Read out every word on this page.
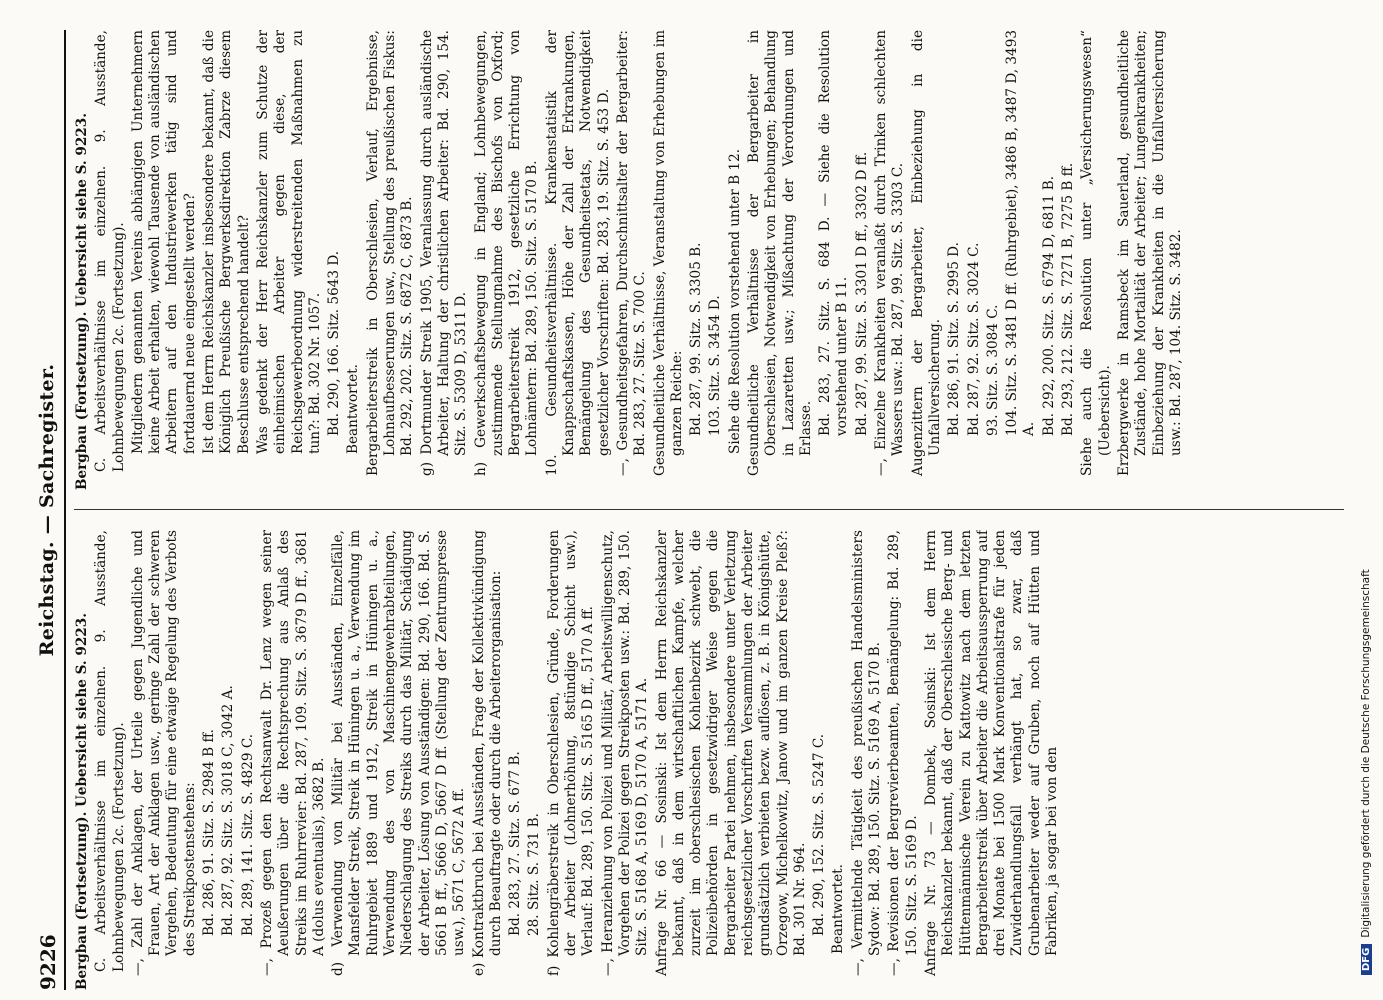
9226
Reichstag. — Sachregister.

Bergbau (Fortsetzung). Uebersicht siehe S. 9223. C. Arbeitsverhältnisse im einzelnen. 9. Ausstände, Lohnbewegungen 2c. (Fortsetzung). —, Zahl der Anklagen, der Urteile gegen Jugendliche und Frauen, Art der Anklagen usw., geringe Zahl der schweren Vergehen, Bedeutung für eine etwaige Regelung des Verbots des Streikpostenstehens: Bd. 286, 91. Sitz. S. 2984 B ff. Bd. 287, 92. Sitz. S. 3018 C, 3042 A. Bd. 289, 141. Sitz. S. 4829 C. —, Prozeß gegen den Rechtsanwalt Dr. Lenz wegen seiner Aeußerungen über die Rechtsprechung aus Anlaß des Streiks im Ruhrrevier: Bd. 287, 109. Sitz. S. 3679 D ff., 3681 A (dolus eventualis), 3682 B. d) Verwendung von Militär bei Ausständen, Einzelfälle, Mansfelder Streik, Streik in Hüningen u. a., Verwendung im Ruhrgebiet 1889 und 1912, Streik in Hüningen u. a., Verwendung des von Maschinengewehrabteilungen, Niederschlagung des Streiks durch das Militär, Schädigung der Arbeiter, Lösung von Ausständigen: Bd. 290, 166. Bd. S. 5661 B ff., 5666 D, 5667 D ff. (Stellung der Zentrumspresse usw.), 5671 C, 5672 A ff. e) Kontraktbruch bei Ausständen, Frage der Kollektivkündigung durch Beauftragte oder durch die Arbeiterorganisation: Bd. 283, 27. Sitz. S. 677 B. 28. Sitz. S. 731 B. f) Kohlengräberstreik in Oberschlesien, Gründe, Forderungen der Arbeiter (Lohnerhöhung, 8stündige Schicht usw.), Verlauf: Bd. 289, 150. Sitz. S. 5165 D ff., 5170 A ff. —, Heranziehung von Polizei und Militär, Arbeitswilligenschutz, Vorgehen der Polizei gegen Streikposten usw.: Bd. 289, 150. Sitz. S. 5168 A, 5169 D, 5170 A, 5171 A. Anfrage Nr. 66 — Sosinski: Ist dem Herrn Reichskanzler bekannt, daß in dem wirtschaftlichen Kampfe, welcher zurzeit im oberschlesischen Kohlenbezirk schwebt, die Polizeibehörden in gesetzwidriger Weise gegen die Bergarbeiter Partei nehmen, insbesondere unter Verletzung reichsgesetzlicher Vorschriften Versammlungen der Arbeiter grundsätzlich verbieten bezw. auflösen, z. B. in Königshütte, Orzegow, Michelkowitz, Janow und im ganzen Kreise Pleß?: Bd. 301 Nr. 964. Bd. 290, 152. Sitz. S. 5247 C. Beantwortet. —, Vermittelnde Tätigkeit des preußischen Handelsministers Sydow: Bd. 289, 150. Sitz. S. 5169 A, 5170 B. —, Revisionen der Bergrevierbeamten, Bemängelung: Bd. 289, 150. Sitz. S. 5169 D. Anfrage Nr. 73 — Dombek, Sosinski: Ist dem Herrn Reichskanzler bekannt, daß der Oberschlesische Berg- und Hüttenmännische Verein zu Kattowitz nach dem letzten Bergarbeiterstreik über Arbeiter die Arbeitsaussperrung auf drei Monate bei 1500 Mark Konventionalstrafe für jeden Zuwiderhandlungsfall verhängt hat, so zwar, daß Grubenarbeiter weder auf Gruben, noch auf Hütten und Fabriken, ja sogar bei von den

Bergbau (Fortsetzung). Uebersicht siehe S. 9223. C. Arbeitsverhältnisse im einzelnen. 9. Ausstände, Lohnbewegungen 2c. (Fortsetzung). Mitgliedern genannten Vereins abhängigen Unternehmern keine Arbeit erhalten, wiewohl Tausende von ausländischen Arbeitern auf den Industriewerken tätig sind und fortdauernd neue eingestellt werden? Ist dem Herrn Reichskanzler insbesondere bekannt, daß die Königlich Preußische Bergwerksdirektion Zabrze diesem Beschlusse entsprechend handelt? Was gedenkt der Herr Reichskanzler zum Schutze der einheimischen Arbeiter gegen diese, der Reichsgewerbeordnung widerstreitenden Maßnahmen zu tun?: Bd. 302 Nr. 1057. Bd. 290, 166. Sitz. 5643 D. Beantwortet. Bergarbeiterstreik in Oberschlesien, Verlauf, Ergebnisse, Lohnaufbesserungen usw., Stellung des preußischen Fiskus: Bd. 292, 202. Sitz. S. 6872 C, 6873 B. g) Dortmunder Streik 1905, Veranlassung durch ausländische Arbeiter, Haltung der christlichen Arbeiter: Bd. 290, 154. Sitz. S. 5309 D, 5311 D. h) Gewerkschaftsbewegung in England; Lohnbewegungen, zustimmende Stellungnahme des Bischofs von Oxford; Bergarbeiterstreik 1912, gesetzliche Errichtung von Lohnämtern: Bd. 289, 150. Sitz. S. 5170 B. 10. Gesundheitsverhältnisse. Krankenstatistik der Knappschaftskassen, Höhe der Zahl der Erkrankungen, Bemängelung des Gesundheitsetats, Notwendigkeit gesetzlicher Vorschriften: Bd. 283, 19. Sitz. S. 453 D. —, Gesundheitsgefahren, Durchschnittsalter der Bergarbeiter: Bd. 283, 27. Sitz. S. 700 C. Gesundheitliche Verhältnisse, Veranstaltung von Erhebungen im ganzen Reiche: Bd. 287, 99. Sitz. S. 3305 B. 103. Sitz. S. 3454 D. Siehe die Resolution vorstehend unter B 12. Gesundheitliche Verhältnisse der Bergarbeiter in Oberschlesien, Notwendigkeit von Erhebungen; Behandlung in Lazaretten usw.; Mißachtung der Verordnungen und Erlasse. Bd. 283, 27. Sitz. S. 684 D. — Siehe die Resolution vorstehend unter B 11. Bd. 287, 99. Sitz. S. 3301 D ff., 3302 D ff. —, Einzelne Krankheiten veranlaßt durch Trinken schlechten Wassers usw.: Bd. 287, 99. Sitz. S. 3303 C. Augenzittern der Bergarbeiter, Einbeziehung in die Unfallversicherung. Bd. 286, 91. Sitz. S. 2995 D. Bd. 287, 92. Sitz. S. 3024 C. 93. Sitz. S. 3084 C. 104. Sitz. S. 3481 D ff. (Ruhrgebiet), 3486 B, 3487 D, 3493 A. Bd. 292, 200. Sitz. S. 6794 D, 6811 B. Bd. 293, 212. Sitz. S. 7271 B, 7275 B ff. Siehe auch die Resolution unter „Versicherungswesen“ (Uebersicht). Erzbergwerke in Ramsbeck im Sauerland, gesundheitliche Zustände, hohe Mortalität der Arbeiter; Lungenkrankheiten; Einbeziehung der Krankheiten in die Unfallversicherung usw.: Bd. 287, 104. Sitz. S. 3482.

DFGDigitalisierung gefördert durch die Deutsche Forschungsgemeinschaft
